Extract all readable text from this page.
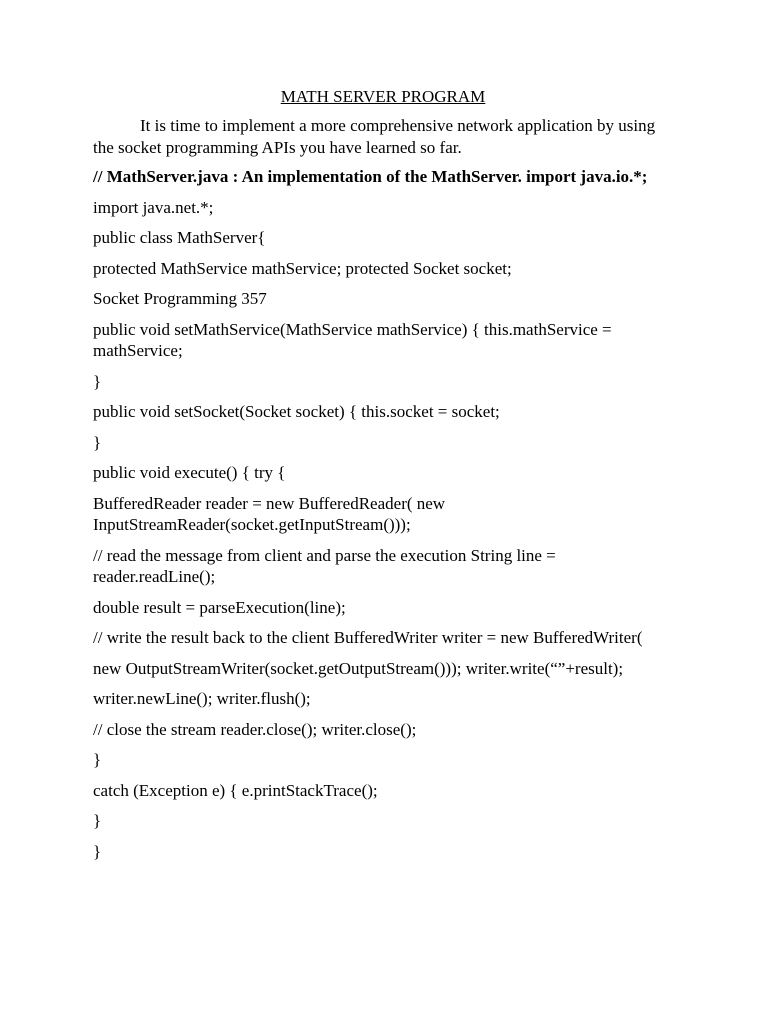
MATH SERVER PROGRAM

It is time to implement a more comprehensive network application by using the socket programming APIs you have learned so far.

// MathServer.java : An implementation of the MathServer. import java.io.*;

import java.net.*;

public class MathServer{

protected MathService mathService; protected Socket socket;

Socket Programming 357

public void setMathService(MathService mathService) { this.mathService = mathService;

}

public void setSocket(Socket socket) { this.socket = socket;

}

public void execute() { try {

BufferedReader reader = new BufferedReader( new InputStreamReader(socket.getInputStream()));

// read the message from client and parse the execution String line = reader.readLine();

double result = parseExecution(line);

// write the result back to the client BufferedWriter writer = new BufferedWriter(

new OutputStreamWriter(socket.getOutputStream())); writer.write(“”+result);

writer.newLine(); writer.flush();

// close the stream reader.close(); writer.close();

}

catch (Exception e) { e.printStackTrace();

}

}
